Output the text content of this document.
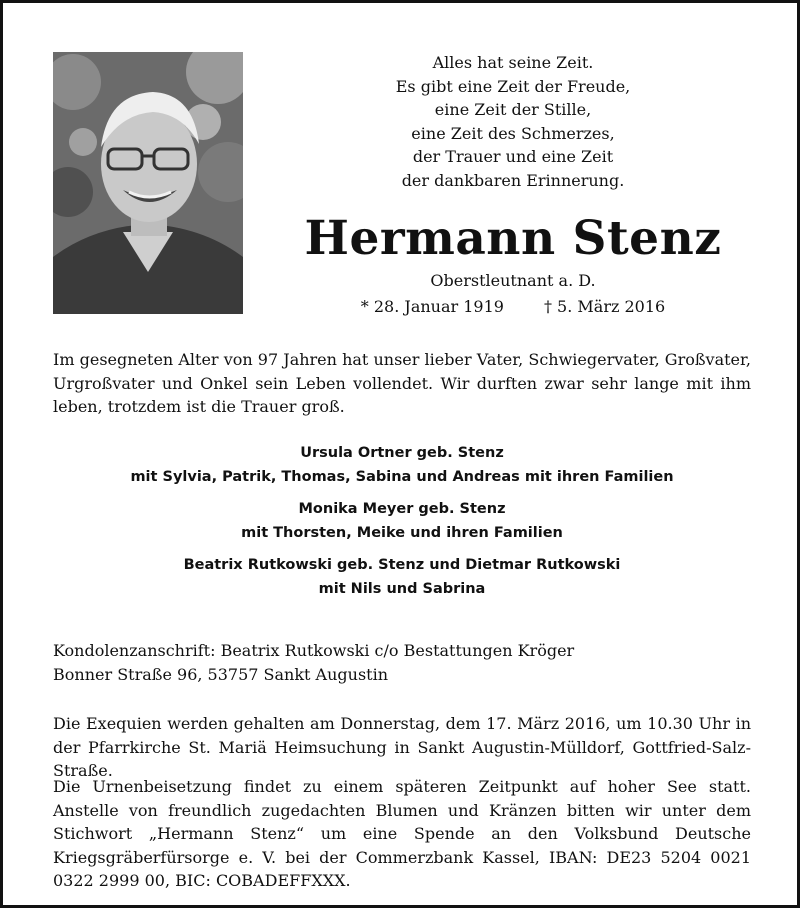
Alles hat seine Zeit.
Es gibt eine Zeit der Freude,
eine Zeit der Stille,
eine Zeit des Schmerzes,
der Trauer und eine Zeit
der dankbaren Erinnerung.
Hermann Stenz
Oberstleutnant a. D.
* 28. Januar 1919	† 5. März 2016
Im gesegneten Alter von 97 Jahren hat unser lieber Vater, Schwiegervater, Großvater, Urgroßvater und Onkel sein Leben vollendet. Wir durften zwar sehr lange mit ihm leben, trotzdem ist die Trauer groß.
Ursula Ortner geb. Stenz
mit Sylvia, Patrik, Thomas, Sabina und Andreas mit ihren Familien
Monika Meyer geb. Stenz
mit Thorsten, Meike und ihren Familien
Beatrix Rutkowski geb. Stenz und Dietmar Rutkowski
mit Nils und Sabrina
Kondolenzanschrift: Beatrix Rutkowski c/o Bestattungen Kröger
Bonner Straße 96, 53757 Sankt Augustin
Die Exequien werden gehalten am Donnerstag, dem 17. März 2016, um 10.30 Uhr in der Pfarrkirche St. Mariä Heimsuchung in Sankt Augustin-Mülldorf, Gottfried-Salz-Straße.
Die Urnenbeisetzung findet zu einem späteren Zeitpunkt auf hoher See statt. Anstelle von freundlich zugedachten Blumen und Kränzen bitten wir unter dem Stichwort „Hermann Stenz“ um eine Spende an den Volksbund Deutsche Kriegsgräberfürsorge e. V. bei der Commerzbank Kassel, IBAN: DE23 5204 0021 0322 2999 00, BIC: COBADEFFXXX.
